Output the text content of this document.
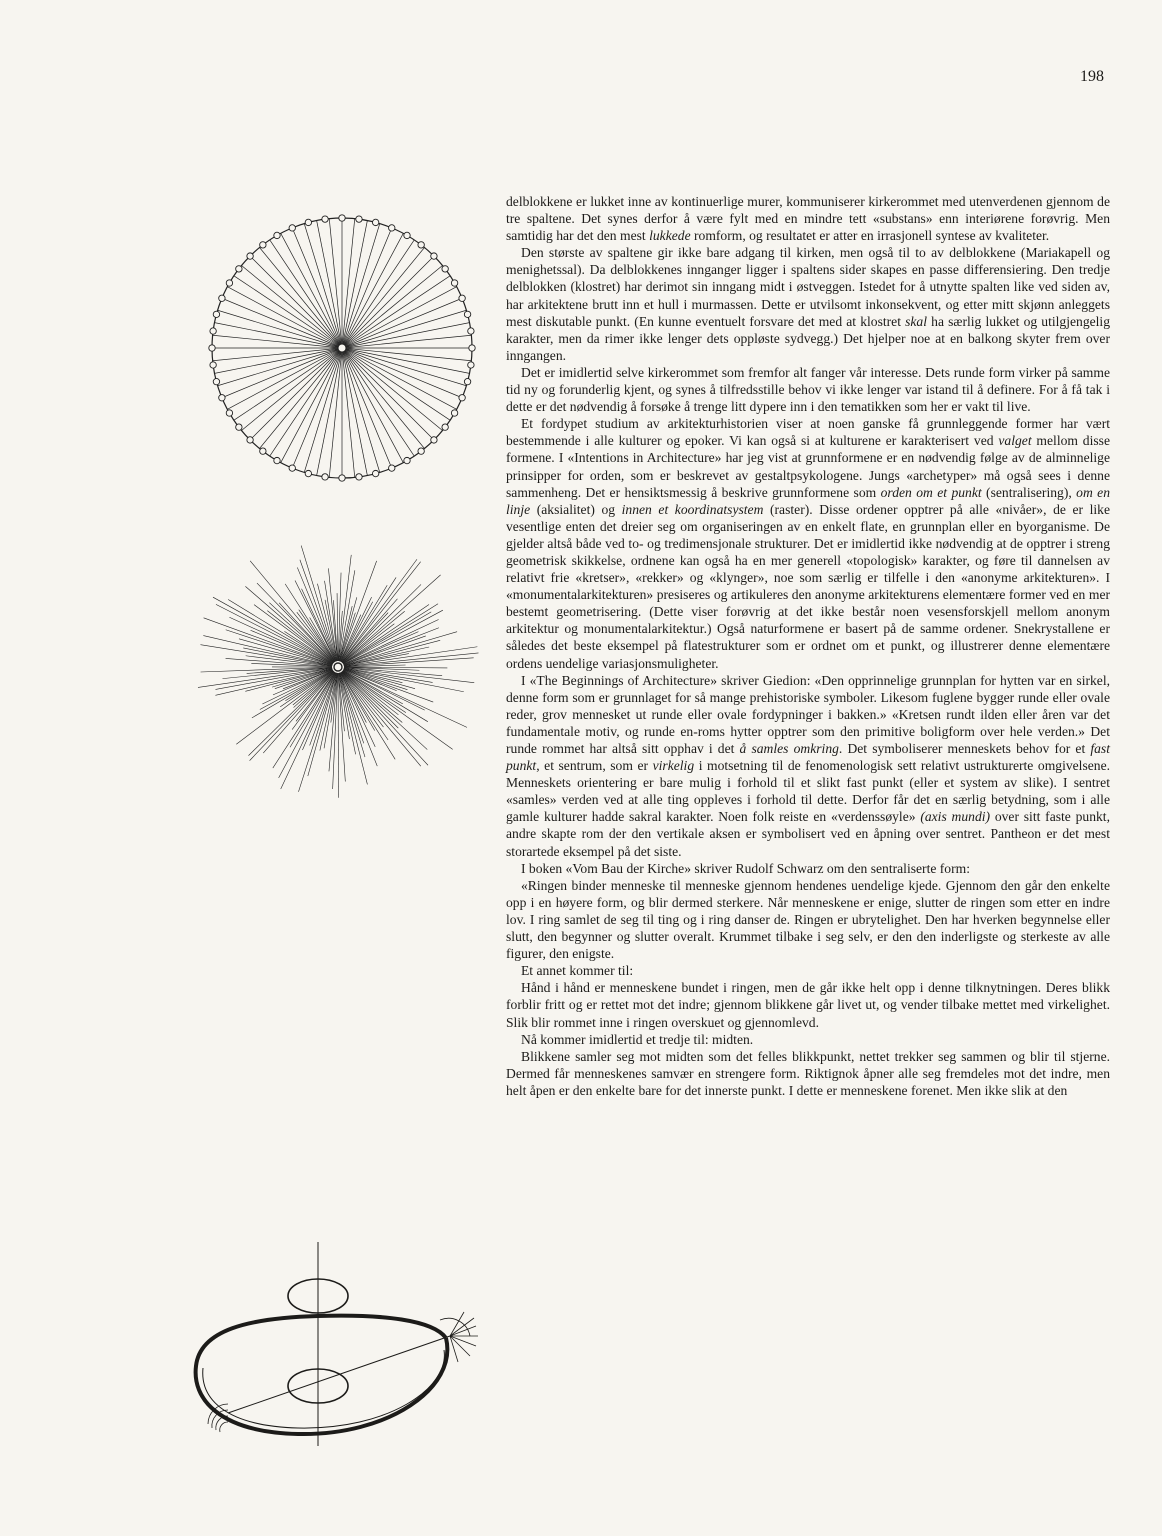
198

delblokkene er lukket inne av kontinuerlige murer, kommuniserer kirkerommet med utenverdenen gjennom de tre spaltene. Det synes derfor å være fylt med en mindre tett «substans» enn interiørene forøvrig. Men samtidig har det den mest lukkede romform, og resultatet er atter en irrasjonell syntese av kvaliteter.

Den største av spaltene gir ikke bare adgang til kirken, men også til to av delblokkene (Mariakapell og menighetssal). Da delblokkenes innganger ligger i spaltens sider skapes en passe differensiering. Den tredje delblokken (klostret) har derimot sin inngang midt i østveggen. Istedet for å utnytte spalten like ved siden av, har arkitektene brutt inn et hull i murmassen. Dette er utvilsomt inkonsekvent, og etter mitt skjønn anleggets mest diskutable punkt. (En kunne eventuelt forsvare det med at klostret skal ha særlig lukket og utilgjengelig karakter, men da rimer ikke lenger dets oppløste sydvegg.) Det hjelper noe at en balkong skyter frem over inngangen.

Det er imidlertid selve kirkerommet som fremfor alt fanger vår interesse. Dets runde form virker på samme tid ny og forunderlig kjent, og synes å tilfredsstille behov vi ikke lenger var istand til å definere. For å få tak i dette er det nødvendig å forsøke å trenge litt dypere inn i den tematikken som her er vakt til live.

Et fordypet studium av arkitekturhistorien viser at noen ganske få grunnleggende former har vært bestemmende i alle kulturer og epoker. Vi kan også si at kulturene er karakterisert ved valget mellom disse formene. I «Intentions in Architecture» har jeg vist at grunnformene er en nødvendig følge av de alminnelige prinsipper for orden, som er beskrevet av gestaltpsykologene. Jungs «archetyper» må også sees i denne sammenheng. Det er hensiktsmessig å beskrive grunnformene som orden om et punkt (sentralisering), om en linje (aksialitet) og innen et koordinatsystem (raster). Disse ordener opptrer på alle «nivåer», de er like vesentlige enten det dreier seg om organiseringen av en enkelt flate, en grunnplan eller en byorganisme. De gjelder altså både ved to- og tredimensjonale strukturer. Det er imidlertid ikke nødvendig at de opptrer i streng geometrisk skikkelse, ordnene kan også ha en mer generell «topologisk» karakter, og føre til dannelsen av relativt frie «kretser», «rekker» og «klynger», noe som særlig er tilfelle i den «anonyme arkitekturen». I «monumentalarkitekturen» presiseres og artikuleres den anonyme arkitekturens elementære former ved en mer bestemt geometrisering. (Dette viser forøvrig at det ikke består noen vesensforskjell mellom anonym arkitektur og monumentalarkitektur.) Også naturformene er basert på de samme ordener. Snekrystallene er således det beste eksempel på flatestrukturer som er ordnet om et punkt, og illustrerer denne elementære ordens uendelige variasjonsmuligheter.

I «The Beginnings of Architecture» skriver Giedion: «Den opprinnelige grunnplan for hytten var en sirkel, denne form som er grunnlaget for så mange prehistoriske symboler. Likesom fuglene bygger runde eller ovale reder, grov mennesket ut runde eller ovale fordypninger i bakken.» «Kretsen rundt ilden eller åren var det fundamentale motiv, og runde en-roms hytter opptrer som den primitive boligform over hele verden.» Det runde rommet har altså sitt opphav i det å samles omkring. Det symboliserer menneskets behov for et fast punkt, et sentrum, som er virkelig i motsetning til de fenomenologisk sett relativt ustrukturerte omgivelsene. Menneskets orientering er bare mulig i forhold til et slikt fast punkt (eller et system av slike). I sentret «samles» verden ved at alle ting oppleves i forhold til dette. Derfor får det en særlig betydning, som i alle gamle kulturer hadde sakral karakter. Noen folk reiste en «verdenssøyle» (axis mundi) over sitt faste punkt, andre skapte rom der den vertikale aksen er symbolisert ved en åpning over sentret. Pantheon er det mest storartede eksempel på det siste.

I boken «Vom Bau der Kirche» skriver Rudolf Schwarz om den sentraliserte form:

«Ringen binder menneske til menneske gjennom hendenes uendelige kjede. Gjennom den går den enkelte opp i en høyere form, og blir dermed sterkere. Når menneskene er enige, slutter de ringen som etter en indre lov. I ring samlet de seg til ting og i ring danser de. Ringen er ubrytelighet. Den har hverken begynnelse eller slutt, den begynner og slutter overalt. Krummet tilbake i seg selv, er den den inderligste og sterkeste av alle figurer, den enigste.

Et annet kommer til:

Hånd i hånd er menneskene bundet i ringen, men de går ikke helt opp i denne tilknytningen. Deres blikk forblir fritt og er rettet mot det indre; gjennom blikkene går livet ut, og vender tilbake mettet med virkelighet. Slik blir rommet inne i ringen overskuet og gjennomlevd.

Nå kommer imidlertid et tredje til: midten.

Blikkene samler seg mot midten som det felles blikkpunkt, nettet trekker seg sammen og blir til stjerne. Dermed får menneskenes samvær en strengere form. Riktignok åpner alle seg fremdeles mot det indre, men helt åpen er den enkelte bare for det innerste punkt. I dette er menneskene forenet. Men ikke slik at den
